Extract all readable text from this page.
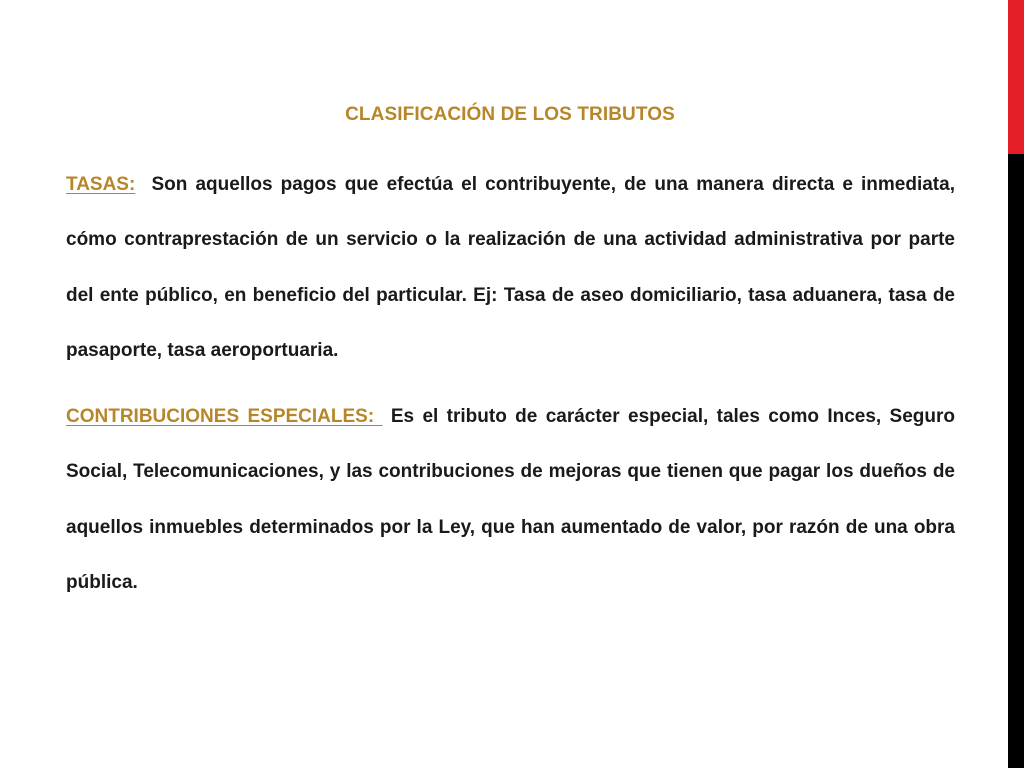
CLASIFICACIÓN DE LOS TRIBUTOS

TASAS: Son aquellos pagos que efectúa el contribuyente, de una manera directa e inmediata, cómo contraprestación de un servicio o la realización de una actividad administrativa por parte del ente público, en beneficio del particular. Ej: Tasa de aseo domiciliario, tasa aduanera, tasa de pasaporte, tasa aeroportuaria.

CONTRIBUCIONES ESPECIALES:  Es el tributo de carácter especial, tales como Inces, Seguro Social, Telecomunicaciones, y las contribuciones de mejoras que tienen que pagar los dueños de aquellos inmuebles determinados por la Ley, que han aumentado de valor, por razón de una obra pública.
